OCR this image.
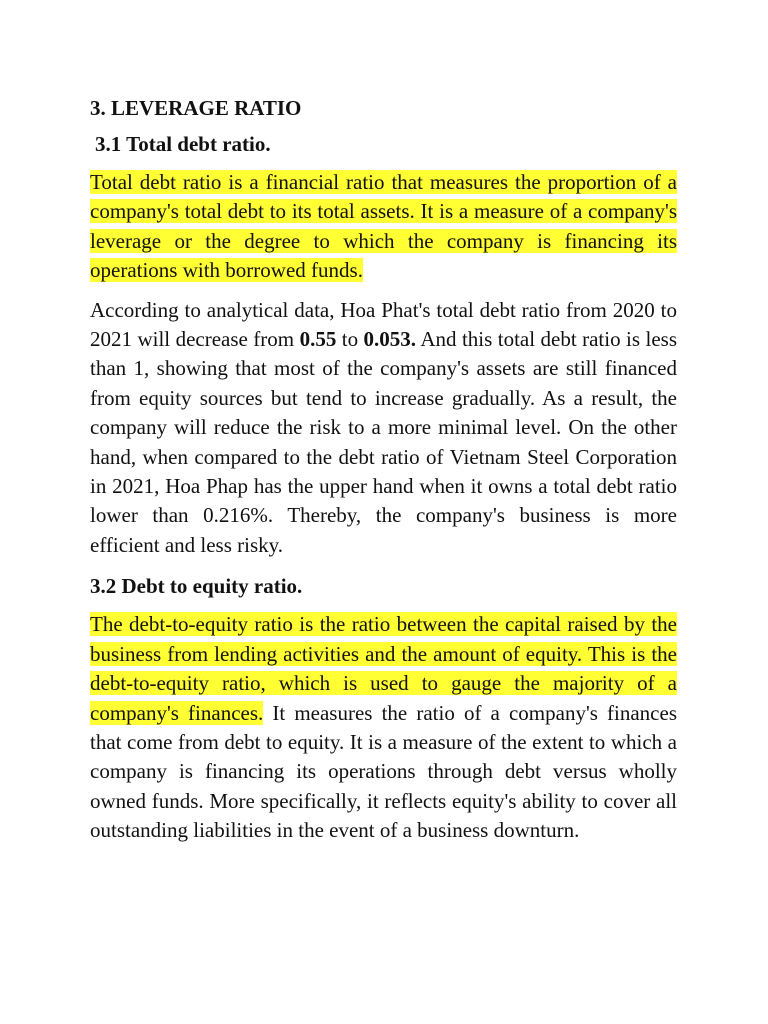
3. LEVERAGE RATIO
3.1 Total debt ratio.

Total debt ratio is a financial ratio that measures the proportion of a company's total debt to its total assets. It is a measure of a company's leverage or the degree to which the company is financing its operations with borrowed funds.

According to analytical data, Hoa Phat's total debt ratio from 2020 to 2021 will decrease from 0.55 to 0.053. And this total debt ratio is less than 1, showing that most of the company's assets are still financed from equity sources but tend to increase gradually. As a result, the company will reduce the risk to a more minimal level. On the other hand, when compared to the debt ratio of Vietnam Steel Corporation in 2021, Hoa Phap has the upper hand when it owns a total debt ratio lower than 0.216%. Thereby, the company's business is more efficient and less risky.

3.2 Debt to equity ratio.

The debt-to-equity ratio is the ratio between the capital raised by the business from lending activities and the amount of equity. This is the debt-to-equity ratio, which is used to gauge the majority of a company's finances. It measures the ratio of a company's finances that come from debt to equity. It is a measure of the extent to which a company is financing its operations through debt versus wholly owned funds. More specifically, it reflects equity's ability to cover all outstanding liabilities in the event of a business downturn.
